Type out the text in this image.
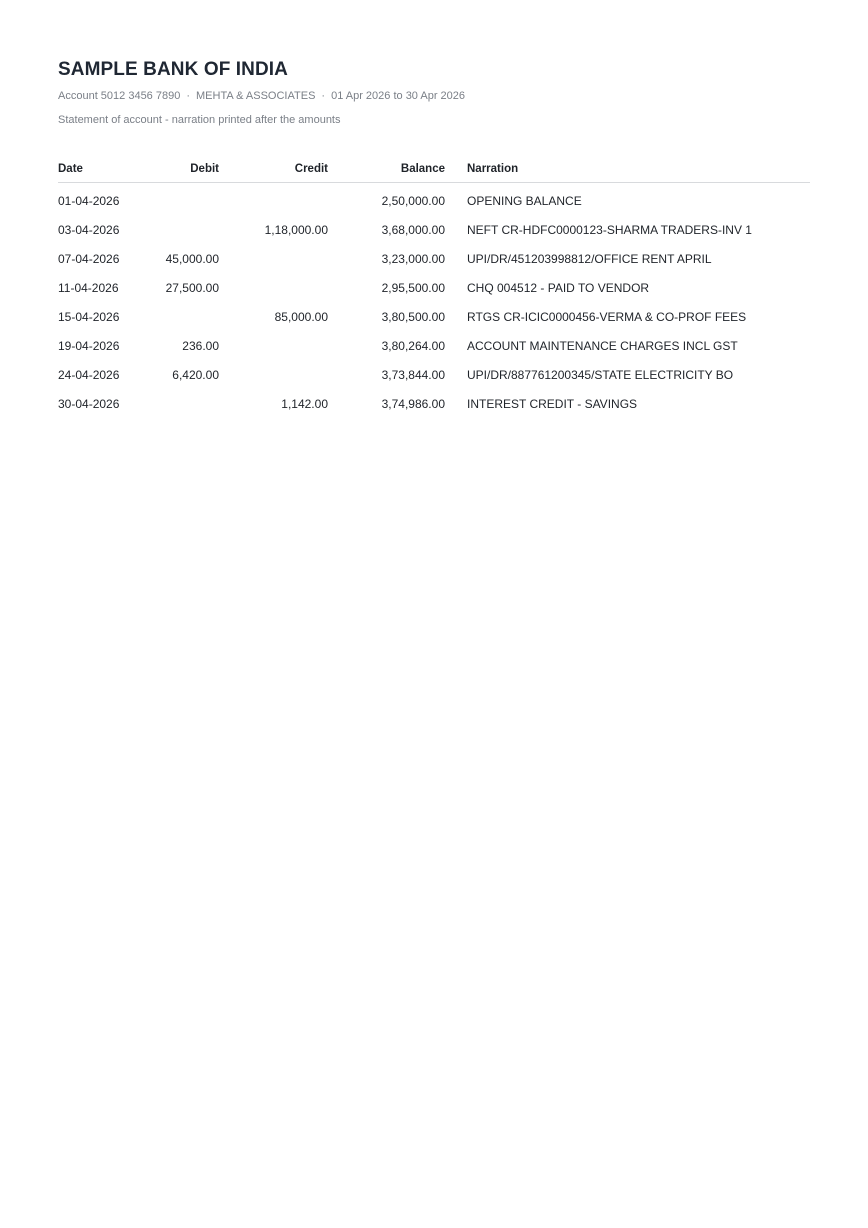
SAMPLE BANK OF INDIA
Account 5012 3456 7890 · MEHTA & ASSOCIATES · 01 Apr 2026 to 30 Apr 2026
Statement of account - narration printed after the amounts
Date	Debit	Credit	Balance	Narration
01-04-2026			2,50,000.00	OPENING BALANCE
03-04-2026		1,18,000.00	3,68,000.00	NEFT CR-HDFC0000123-SHARMA TRADERS-INV 1
07-04-2026	45,000.00		3,23,000.00	UPI/DR/451203998812/OFFICE RENT APRIL
11-04-2026	27,500.00		2,95,500.00	CHQ 004512 - PAID TO VENDOR
15-04-2026		85,000.00	3,80,500.00	RTGS CR-ICIC0000456-VERMA & CO-PROF FEES
19-04-2026	236.00		3,80,264.00	ACCOUNT MAINTENANCE CHARGES INCL GST
24-04-2026	6,420.00		3,73,844.00	UPI/DR/887761200345/STATE ELECTRICITY BO
30-04-2026		1,142.00	3,74,986.00	INTEREST CREDIT - SAVINGS
